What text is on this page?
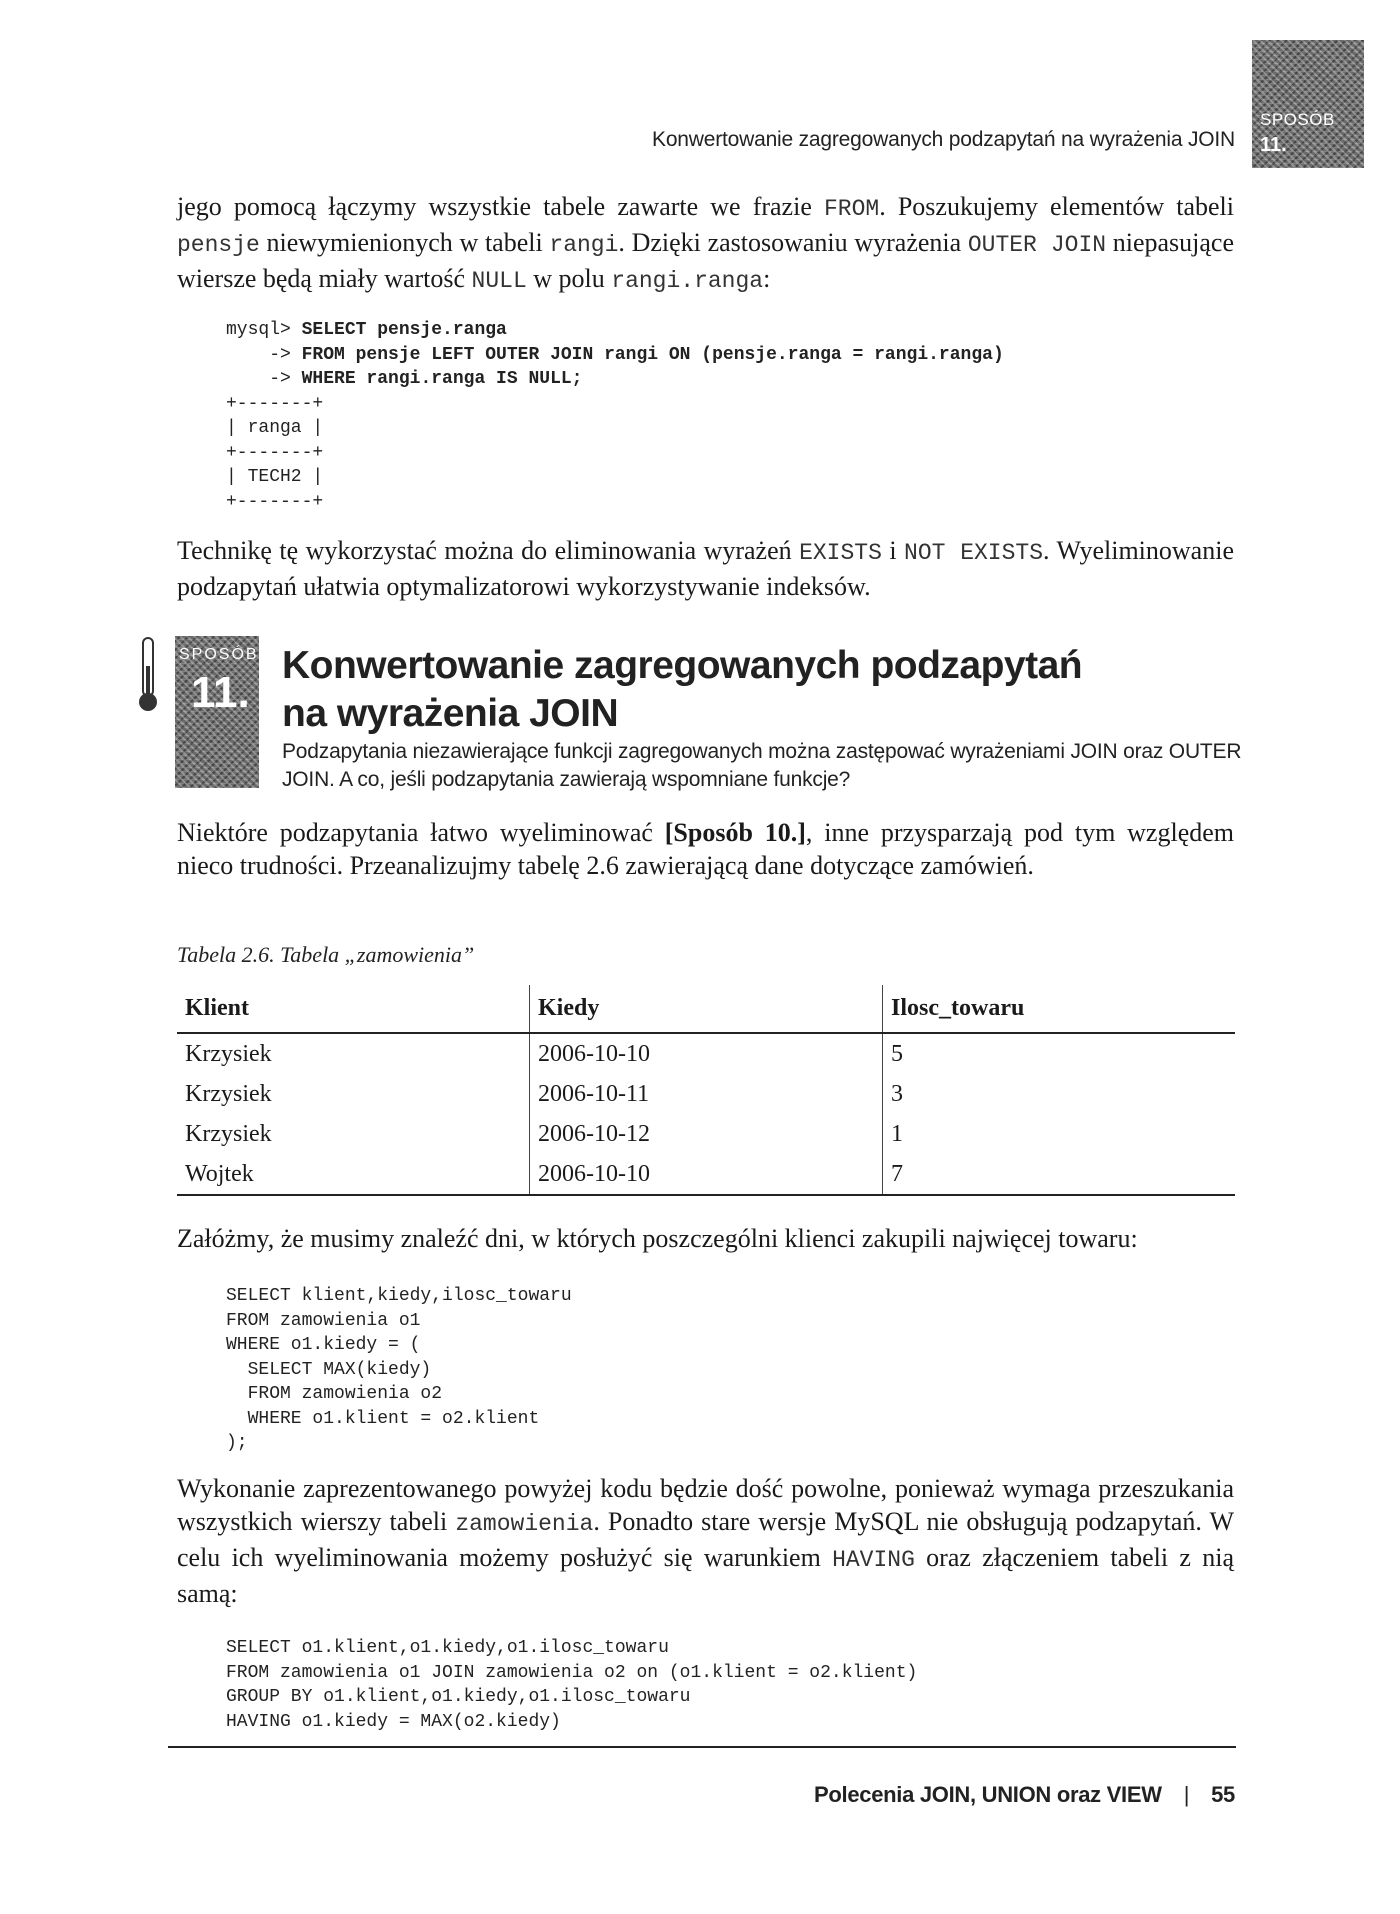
Konwertowanie zagregowanych podzapytań na wyrażenia JOIN
SPOSÓB
11.

jego pomocą łączymy wszystkie tabele zawarte we frazie FROM. Poszukujemy elementów tabeli pensje niewymienionych w tabeli rangi. Dzięki zastosowaniu wyrażenia OUTER JOIN niepasujące wiersze będą miały wartość NULL w polu rangi.ranga:

mysql> SELECT pensje.ranga
-> FROM pensje LEFT OUTER JOIN rangi ON (pensje.ranga = rangi.ranga)
-> WHERE rangi.ranga IS NULL;
+-------+
| ranga |
+-------+
| TECH2 |
+-------+

Technikę tę wykorzystać można do eliminowania wyrażeń EXISTS i NOT EXISTS. Wyeliminowanie podzapytań ułatwia optymalizatorowi wykorzystywanie indeksów.

SPOSÓB
11.
Konwertowanie zagregowanych podzapytań
na wyrażenia JOIN
Podzapytania niezawierające funkcji zagregowanych można zastępować wyrażeniami JOIN oraz OUTER JOIN. A co, jeśli podzapytania zawierają wspomniane funkcje?

Niektóre podzapytania łatwo wyeliminować [Sposób 10.], inne przysparzają pod tym względem nieco trudności. Przeanalizujmy tabelę 2.6 zawierającą dane dotyczące zamówień.

Tabela 2.6. Tabela „zamowienia”
Klient	Kiedy	Ilosc_towaru
Krzysiek	2006-10-10	5
Krzysiek	2006-10-11	3
Krzysiek	2006-10-12	1
Wojtek	2006-10-10	7

Załóżmy, że musimy znaleźć dni, w których poszczególni klienci zakupili najwięcej towaru:

SELECT klient,kiedy,ilosc_towaru
FROM zamowienia o1
WHERE o1.kiedy = (
SELECT MAX(kiedy)
FROM zamowienia o2
WHERE o1.klient = o2.klient
);

Wykonanie zaprezentowanego powyżej kodu będzie dość powolne, ponieważ wymaga przeszukania wszystkich wierszy tabeli zamowienia. Ponadto stare wersje MySQL nie obsługują podzapytań. W celu ich wyeliminowania możemy posłużyć się warunkiem HAVING oraz złączeniem tabeli z nią samą:

SELECT o1.klient,o1.kiedy,o1.ilosc_towaru
FROM zamowienia o1 JOIN zamowienia o2 on (o1.klient = o2.klient)
GROUP BY o1.klient,o1.kiedy,o1.ilosc_towaru
HAVING o1.kiedy = MAX(o2.kiedy)
Polecenia JOIN, UNION oraz VIEW | 55
